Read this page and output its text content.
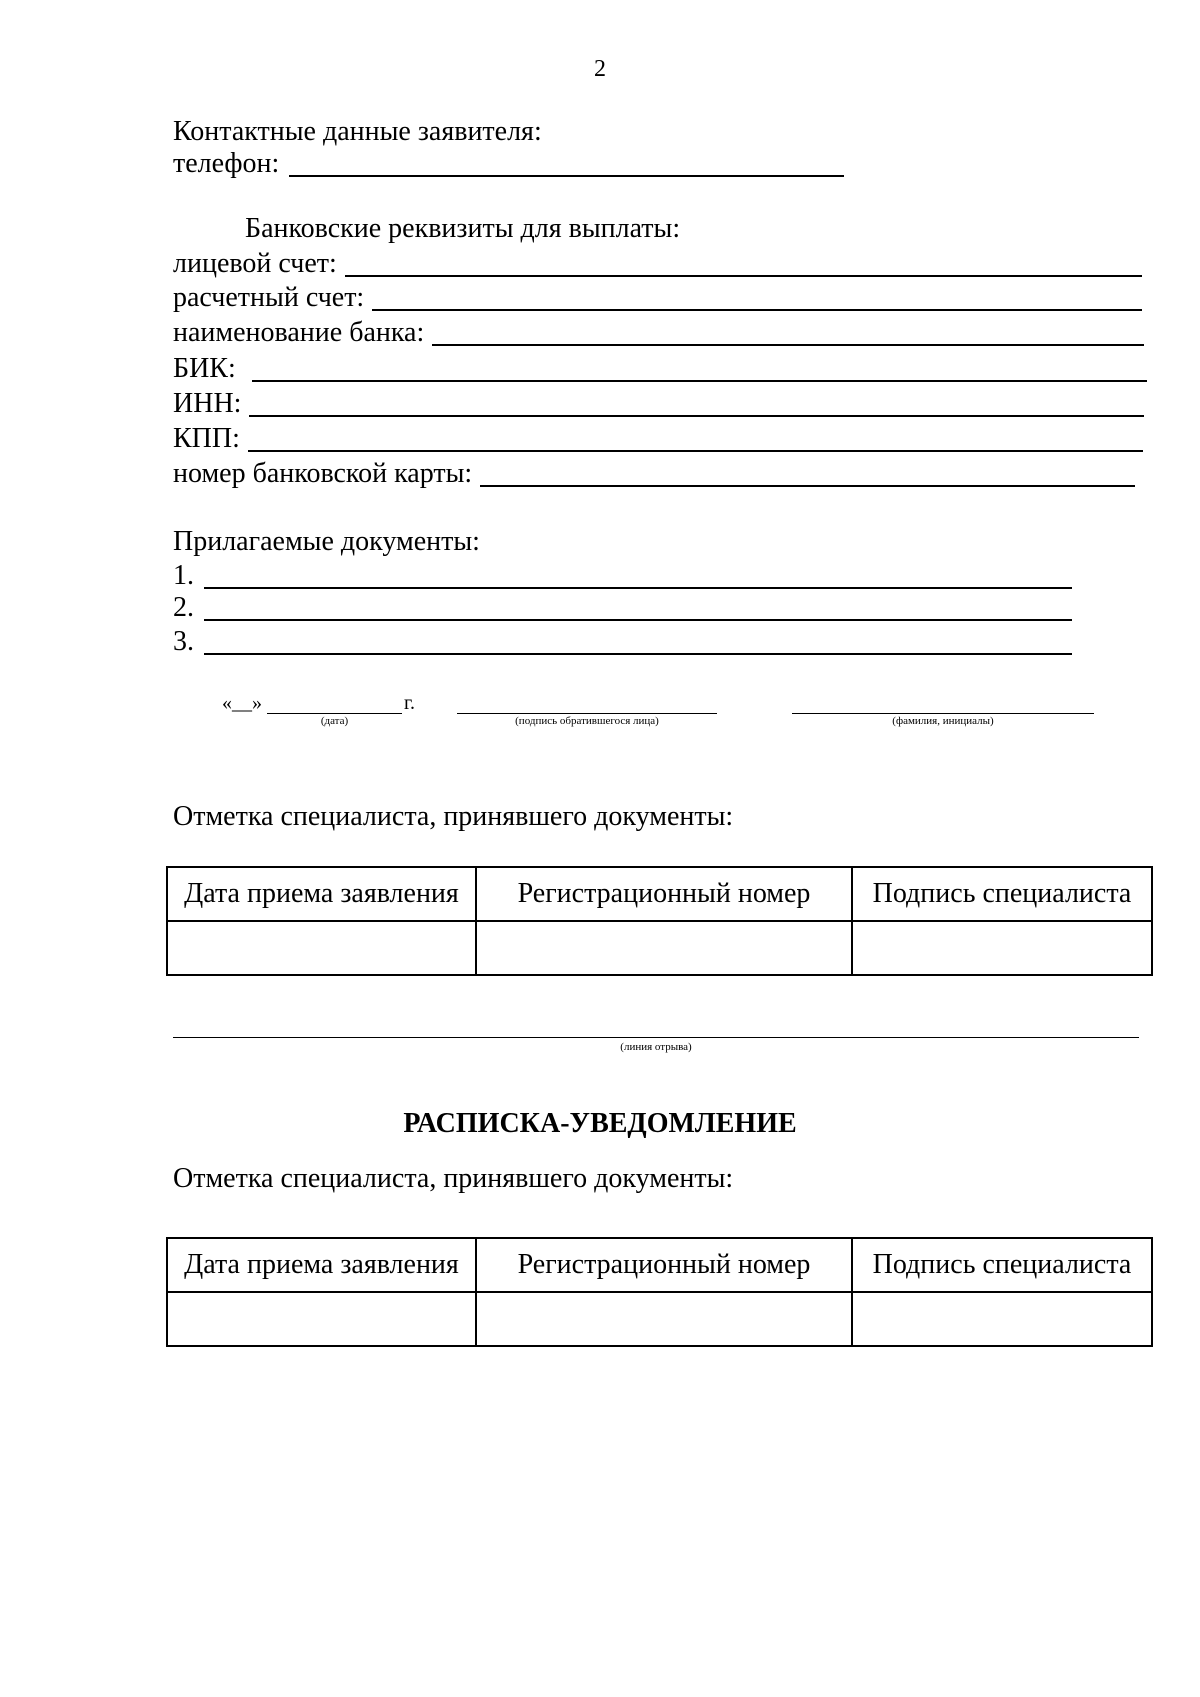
2
Контактные данные заявителя:
телефон:
Банковские реквизиты для выплаты:
лицевой счет:
расчетный счет:
наименование банка:
БИК:
ИНН:
КПП:
номер банковской карты:
Прилагаемые документы:
1.
2.
3.
«__»
(дата)
г.
(подпись обратившегося лица)	(фамилия, инициалы)
Отметка специалиста, принявшего документы:
Дата приема заявления	Регистрационный номер	Подпись специалиста

(линия отрыва)
РАСПИСКА-УВЕДОМЛЕНИЕ
Отметка специалиста, принявшего документы:
Дата приема заявления	Регистрационный номер	Подпись специалиста
